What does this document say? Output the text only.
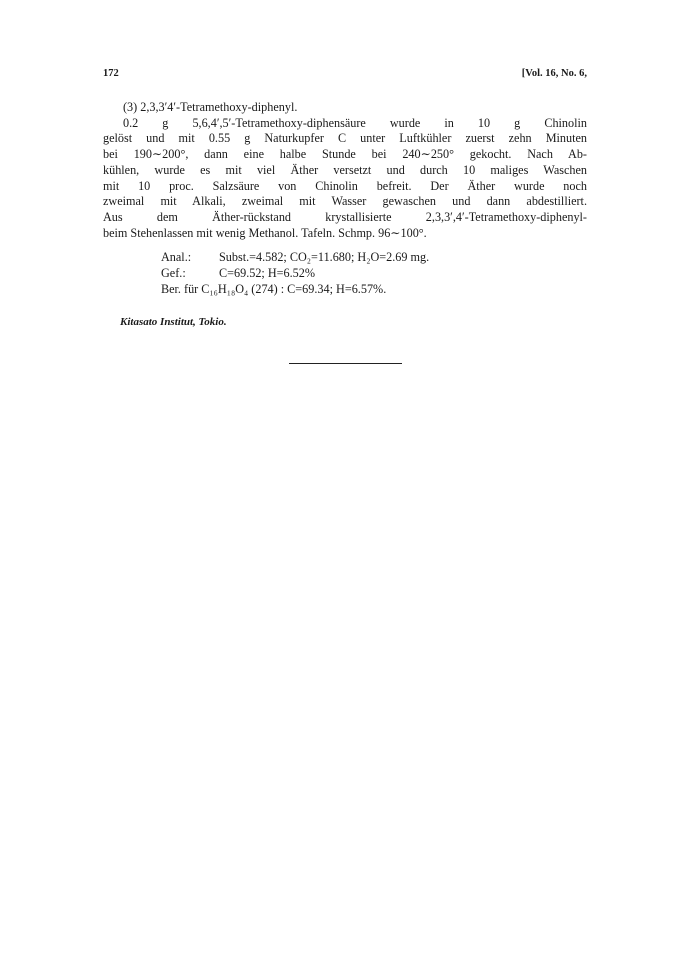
172	[Vol. 16, No. 6,

(3) 2,3,3′4′-Tetramethoxy-diphenyl.

0.2 g 5,6,4′,5′-Tetramethoxy-diphensäure wurde in 10 g Chinolin
gelöst und mit 0.55 g Naturkupfer C unter Luftkühler zuerst zehn Minuten
bei 190∼200°, dann eine halbe Stunde bei 240∼250° gekocht. Nach Ab-
kühlen, wurde es mit viel Äther versetzt und durch 10 maliges Waschen
mit 10 proc. Salzsäure von Chinolin befreit. Der Äther wurde noch
zweimal mit Alkali, zweimal mit Wasser gewaschen und dann abdestilliert.
Aus dem Äther-rückstand krystallisierte 2,3,3′,4′-Tetramethoxy-diphenyl-
beim Stehenlassen mit wenig Methanol. Tafeln. Schmp. 96∼100°.
Anal.: Subst.=4.582; CO₂=11.680; H₂O=2.69 mg.
Gef.:	C=69.52; H=6.52%
Ber. für C₁₆H₁₈O₄ (274) : C=69.34; H=6.57%.
Kitasato Institut, Tokio.
